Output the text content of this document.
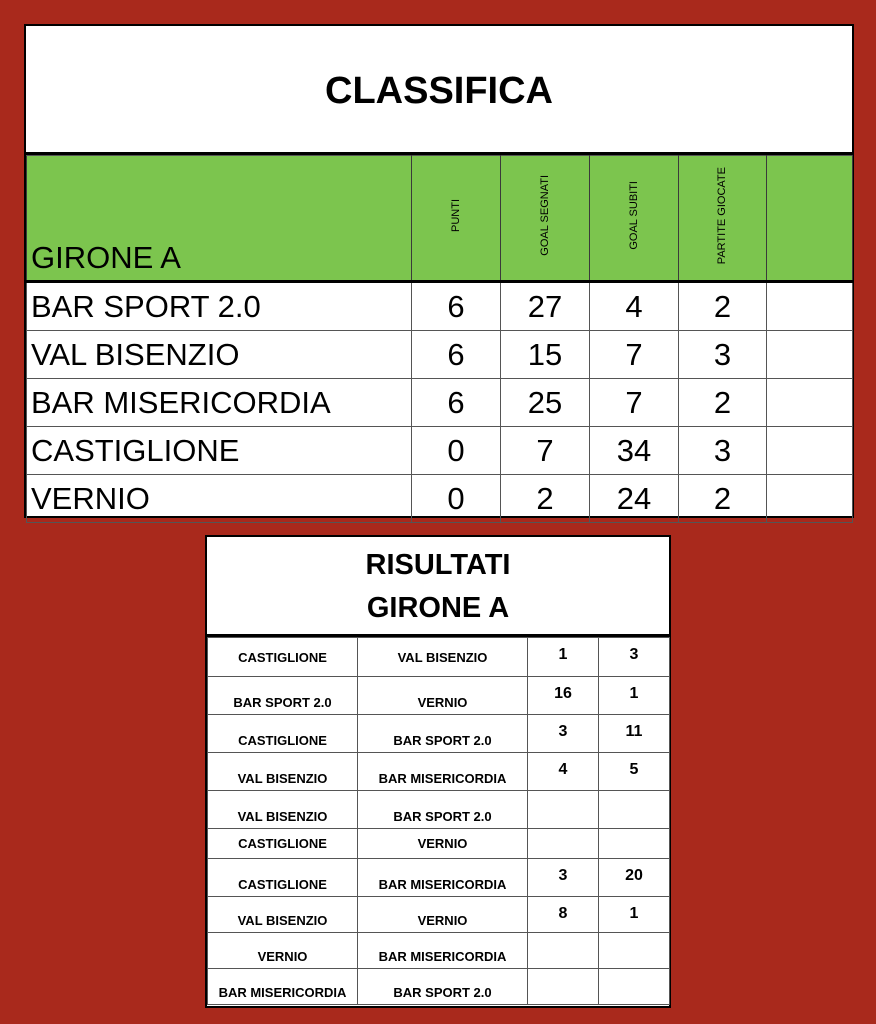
CLASSIFICA
GIRONE A	PUNTI	GOAL SEGNATI	GOAL SUBITI	PARTITE GIOCATE	
BAR SPORT 2.0	6	27	4	2	
VAL BISENZIO	6	15	7	3	
BAR MISERICORDIA	6	25	7	2	
CASTIGLIONE	0	7	34	3	
VERNIO	0	2	24	2	
RISULTATI
GIRONE A
CASTIGLIONE	VAL BISENZIO	1	3
BAR SPORT 2.0	VERNIO	16	1
CASTIGLIONE	BAR SPORT 2.0	3	11
VAL BISENZIO	BAR MISERICORDIA	4	5
VAL BISENZIO	BAR SPORT 2.0		
CASTIGLIONE	VERNIO		
CASTIGLIONE	BAR MISERICORDIA	3	20
VAL BISENZIO	VERNIO	8	1
VERNIO	BAR MISERICORDIA		
BAR MISERICORDIA	BAR SPORT 2.0		
